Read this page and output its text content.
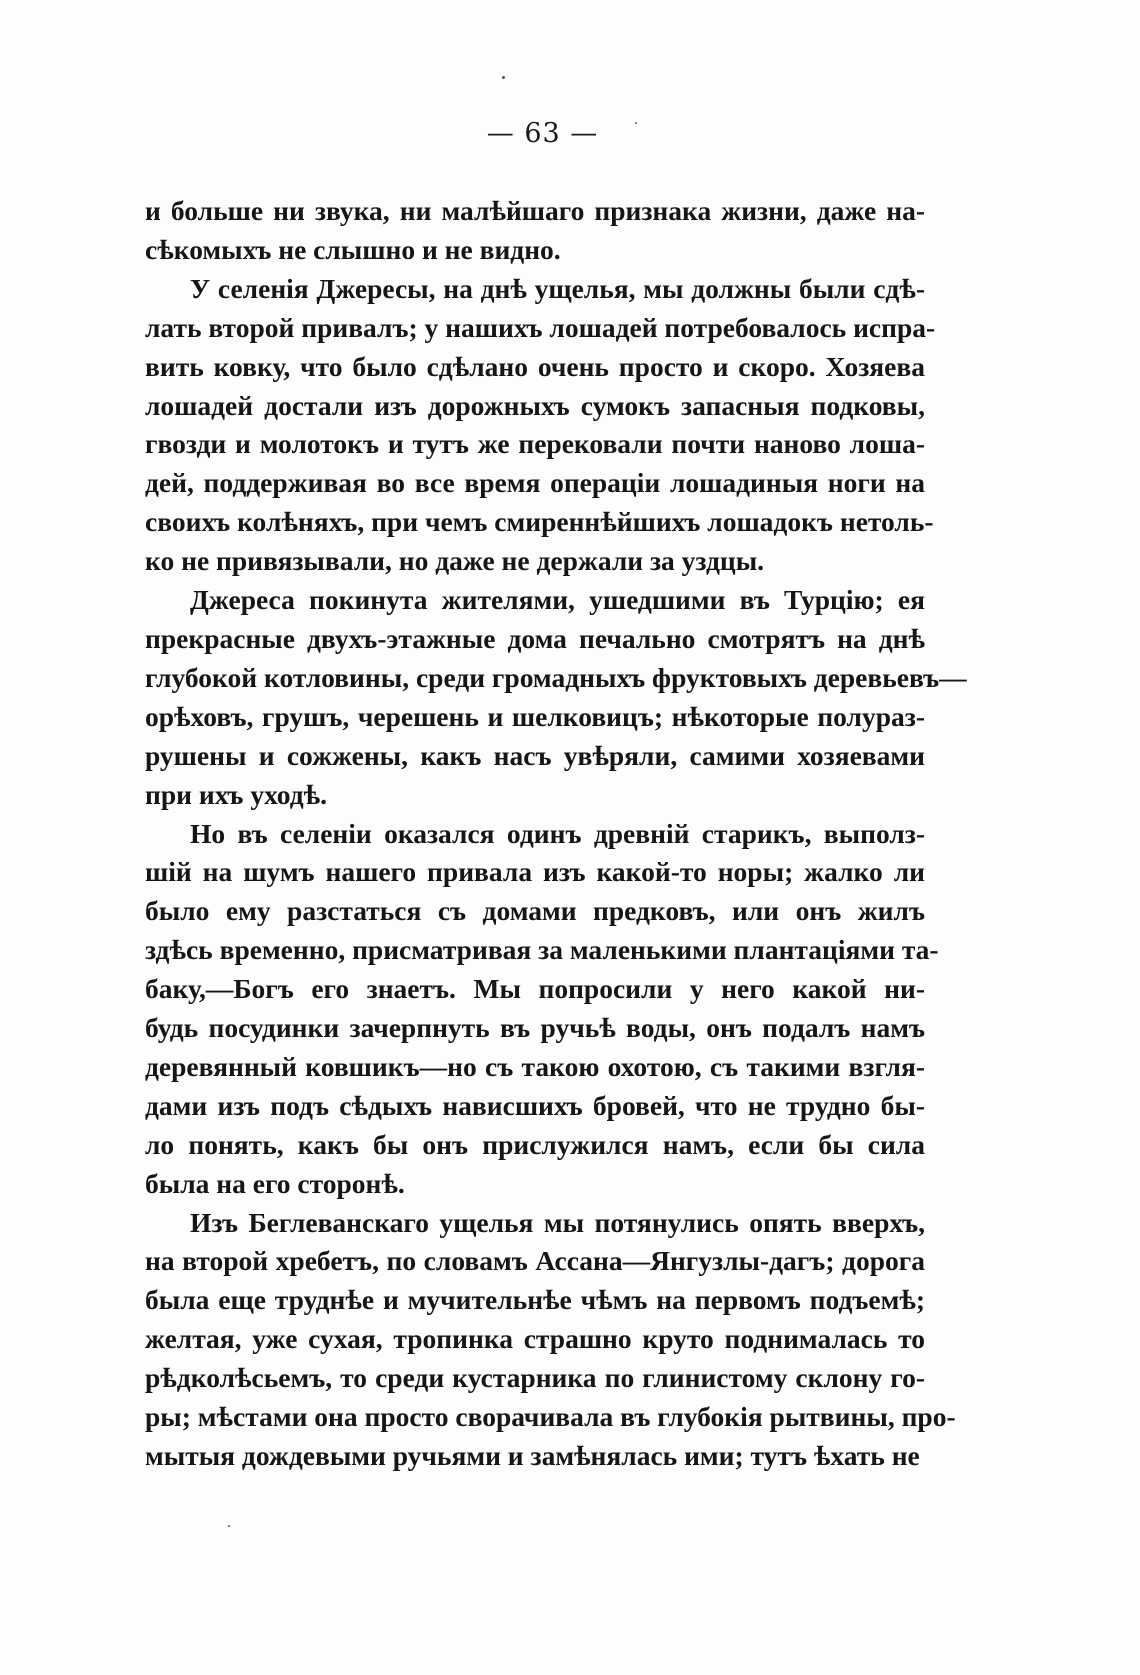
— 63 —
и больше ни звука, ни малѣйшаго признака жизни, даже на-
сѣкомыхъ не слышно и не видно.
У селенія Джересы, на днѣ ущелья, мы должны были сдѣ-
лать второй привалъ; у нашихъ лошадей потребовалось испра-
вить ковку, что было сдѣлано очень просто и скоро. Хозяева
лошадей достали изъ дорожныхъ сумокъ запасныя подковы,
гвозди и молотокъ и тутъ же перековали почти наново лоша-
дей, поддерживая во все время операціи лошадиныя ноги на
своихъ колѣняхъ, при чемъ смиреннѣйшихъ лошадокъ нетоль-
ко не привязывали, но даже не держали за уздцы.
Джереса покинута жителями, ушедшими въ Турцію; ея
прекрасные двухъ-этажные дома печально смотрятъ на днѣ
глубокой котловины, среди громадныхъ фруктовыхъ деревьевъ—
орѣховъ, грушъ, черешень и шелковицъ; нѣкоторые полураз-
рушены и сожжены, какъ насъ увѣряли, самими хозяевами
при ихъ уходѣ.
Но въ селеніи оказался одинъ древній старикъ, выполз-
шій на шумъ нашего привала изъ какой-то норы; жалко ли
было ему разстаться съ домами предковъ, или онъ жилъ
здѣсь временно, присматривая за маленькими плантаціями та-
баку,—Богъ его знаетъ. Мы попросили у него какой ни-
будь посудинки зачерпнуть въ ручьѣ воды, онъ подалъ намъ
деревянный ковшикъ—но съ такою охотою, съ такими взгля-
дами изъ подъ сѣдыхъ нависшихъ бровей, что не трудно бы-
ло понять, какъ бы онъ прислужился намъ, если бы сила
была на его сторонѣ.
Изъ Беглеванскаго ущелья мы потянулись опять вверхъ,
на второй хребетъ, по словамъ Ассана—Янгузлы-дагъ; дорога
была еще труднѣе и мучительнѣе чѣмъ на первомъ подъемѣ;
желтая, уже сухая, тропинка страшно круто поднималась то
рѣдколѣсьемъ, то среди кустарника по глинистому склону го-
ры; мѣстами она просто сворачивала въ глубокія рытвины, про-
мытыя дождевыми ручьями и замѣнялась ими; тутъ ѣхать не
